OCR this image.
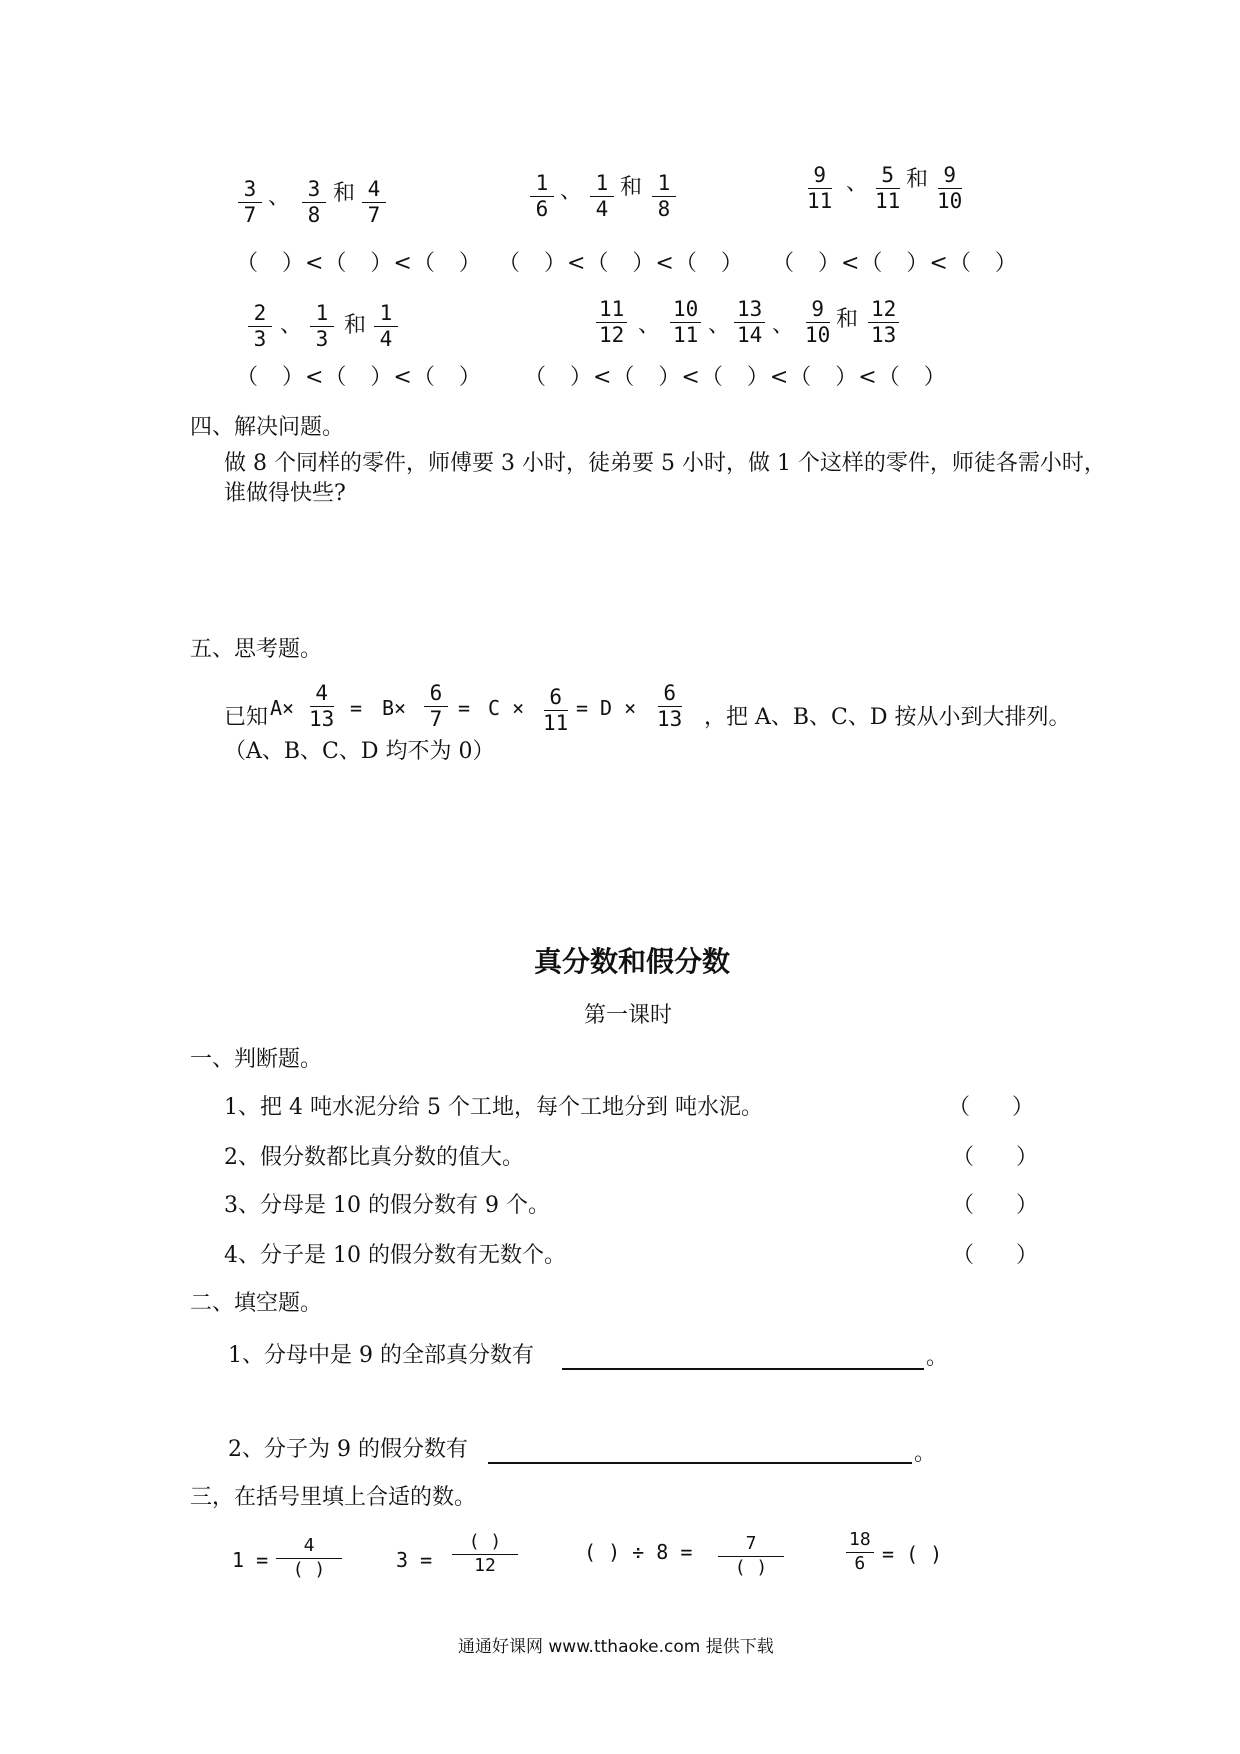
$\frac{3}{7}$ 、 $\frac{3}{8}$ 和 $\frac{4}{7}$	$\frac{1}{6}$ 、 $\frac{1}{4}$ 和 $\frac{1}{8}$	$\frac{9}{11}$ 、 $\frac{5}{11}$ 和 $\frac{9}{10}$
（　）<（　）<（　） （　）<（　）<（　） （　）<（　）<（　）
$\frac{2}{3}$ 、 $\frac{1}{3}$ 和 $\frac{1}{4}$	$\frac{11}{12}$ 、 $\frac{10}{11}$ 、 $\frac{13}{14}$ 、 $\frac{9}{10}$ 和 $\frac{12}{13}$
（　）<（　）<（　） （　）<（　）<（　）<（　）<（　）
四、解决问题。
做 8 个同样的零件，师傅要 3 小时，徒弟要 5 小时，做 1 个这样的零件，师徒各需小时，
谁做得快些?
五、思考题。
已知 $A\times \frac{4}{13} = B\times \frac{6}{7} = C \times \frac{6}{11} = D \times \frac{6}{13}$ ，把 A、B、C、D 按从小到大排列。
（A、B、C、D 均不为 0）
真分数和假分数
第一课时
一、判断题。
1、把 4 吨水泥分给 5 个工地，每个工地分到 吨水泥。	（      ）
2、假分数都比真分数的值大。	（      ）
3、分母是 10 的假分数有 9 个。	（      ）
4、分子是 10 的假分数有无数个。	（      ）
二、填空题。
1、分母中是 9 的全部真分数有	。
2、分子为 9 的假分数有	。
三，在括号里填上合适的数。
1 =
4
( )	3 =
( )
12
( ) ÷ 8 =	7
( )	$\frac{18}{6}$ = ( )
通通好课网 www.tthaoke.com 提供下载
